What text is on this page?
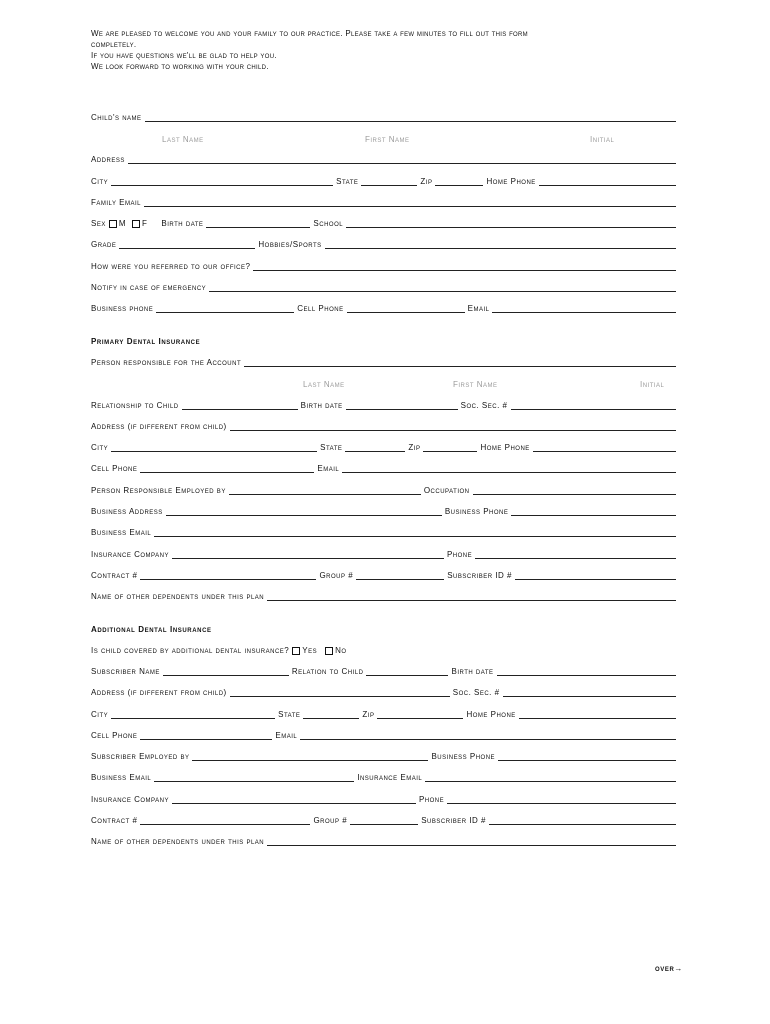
We are pleased to welcome you and your family to our practice. Please take a few minutes to fill out this form
completely.
If you have questions we'll be glad to help you.
We look forward to working with your child.
Child's name
Last Name	First Name	Initial
Address
City	State	Zip	Home Phone
Family Email
Sex M F Birth date	School
Grade	Hobbies/Sports
How were you referred to our office?
Notify in case of emergency
Business phone	Cell Phone	Email
Primary Dental Insurance
Person responsible for the Account
Last Name	First Name	Initial
Relationship to Child	Birth date	Soc. Sec. #
Address (if different from child)
City	State	Zip	Home Phone
Cell Phone	Email
Person Responsible Employed by	Occupation
Business Address	Business Phone
Business Email
Insurance Company	Phone
Contract #	Group #	Subscriber ID #
Name of other dependents under this plan
Additional Dental Insurance
Is child covered by additional dental insurance? Yes No
Subscriber Name	Relation to Child	Birth date
Address (if different from child)	Soc. Sec. #
City	State	Zip	Home Phone
Cell Phone	Email
Subscriber Employed by	Business Phone
Business Email	Insurance Email
Insurance Company	Phone
Contract #	Group #	Subscriber ID #
Name of other dependents under this plan
over→
